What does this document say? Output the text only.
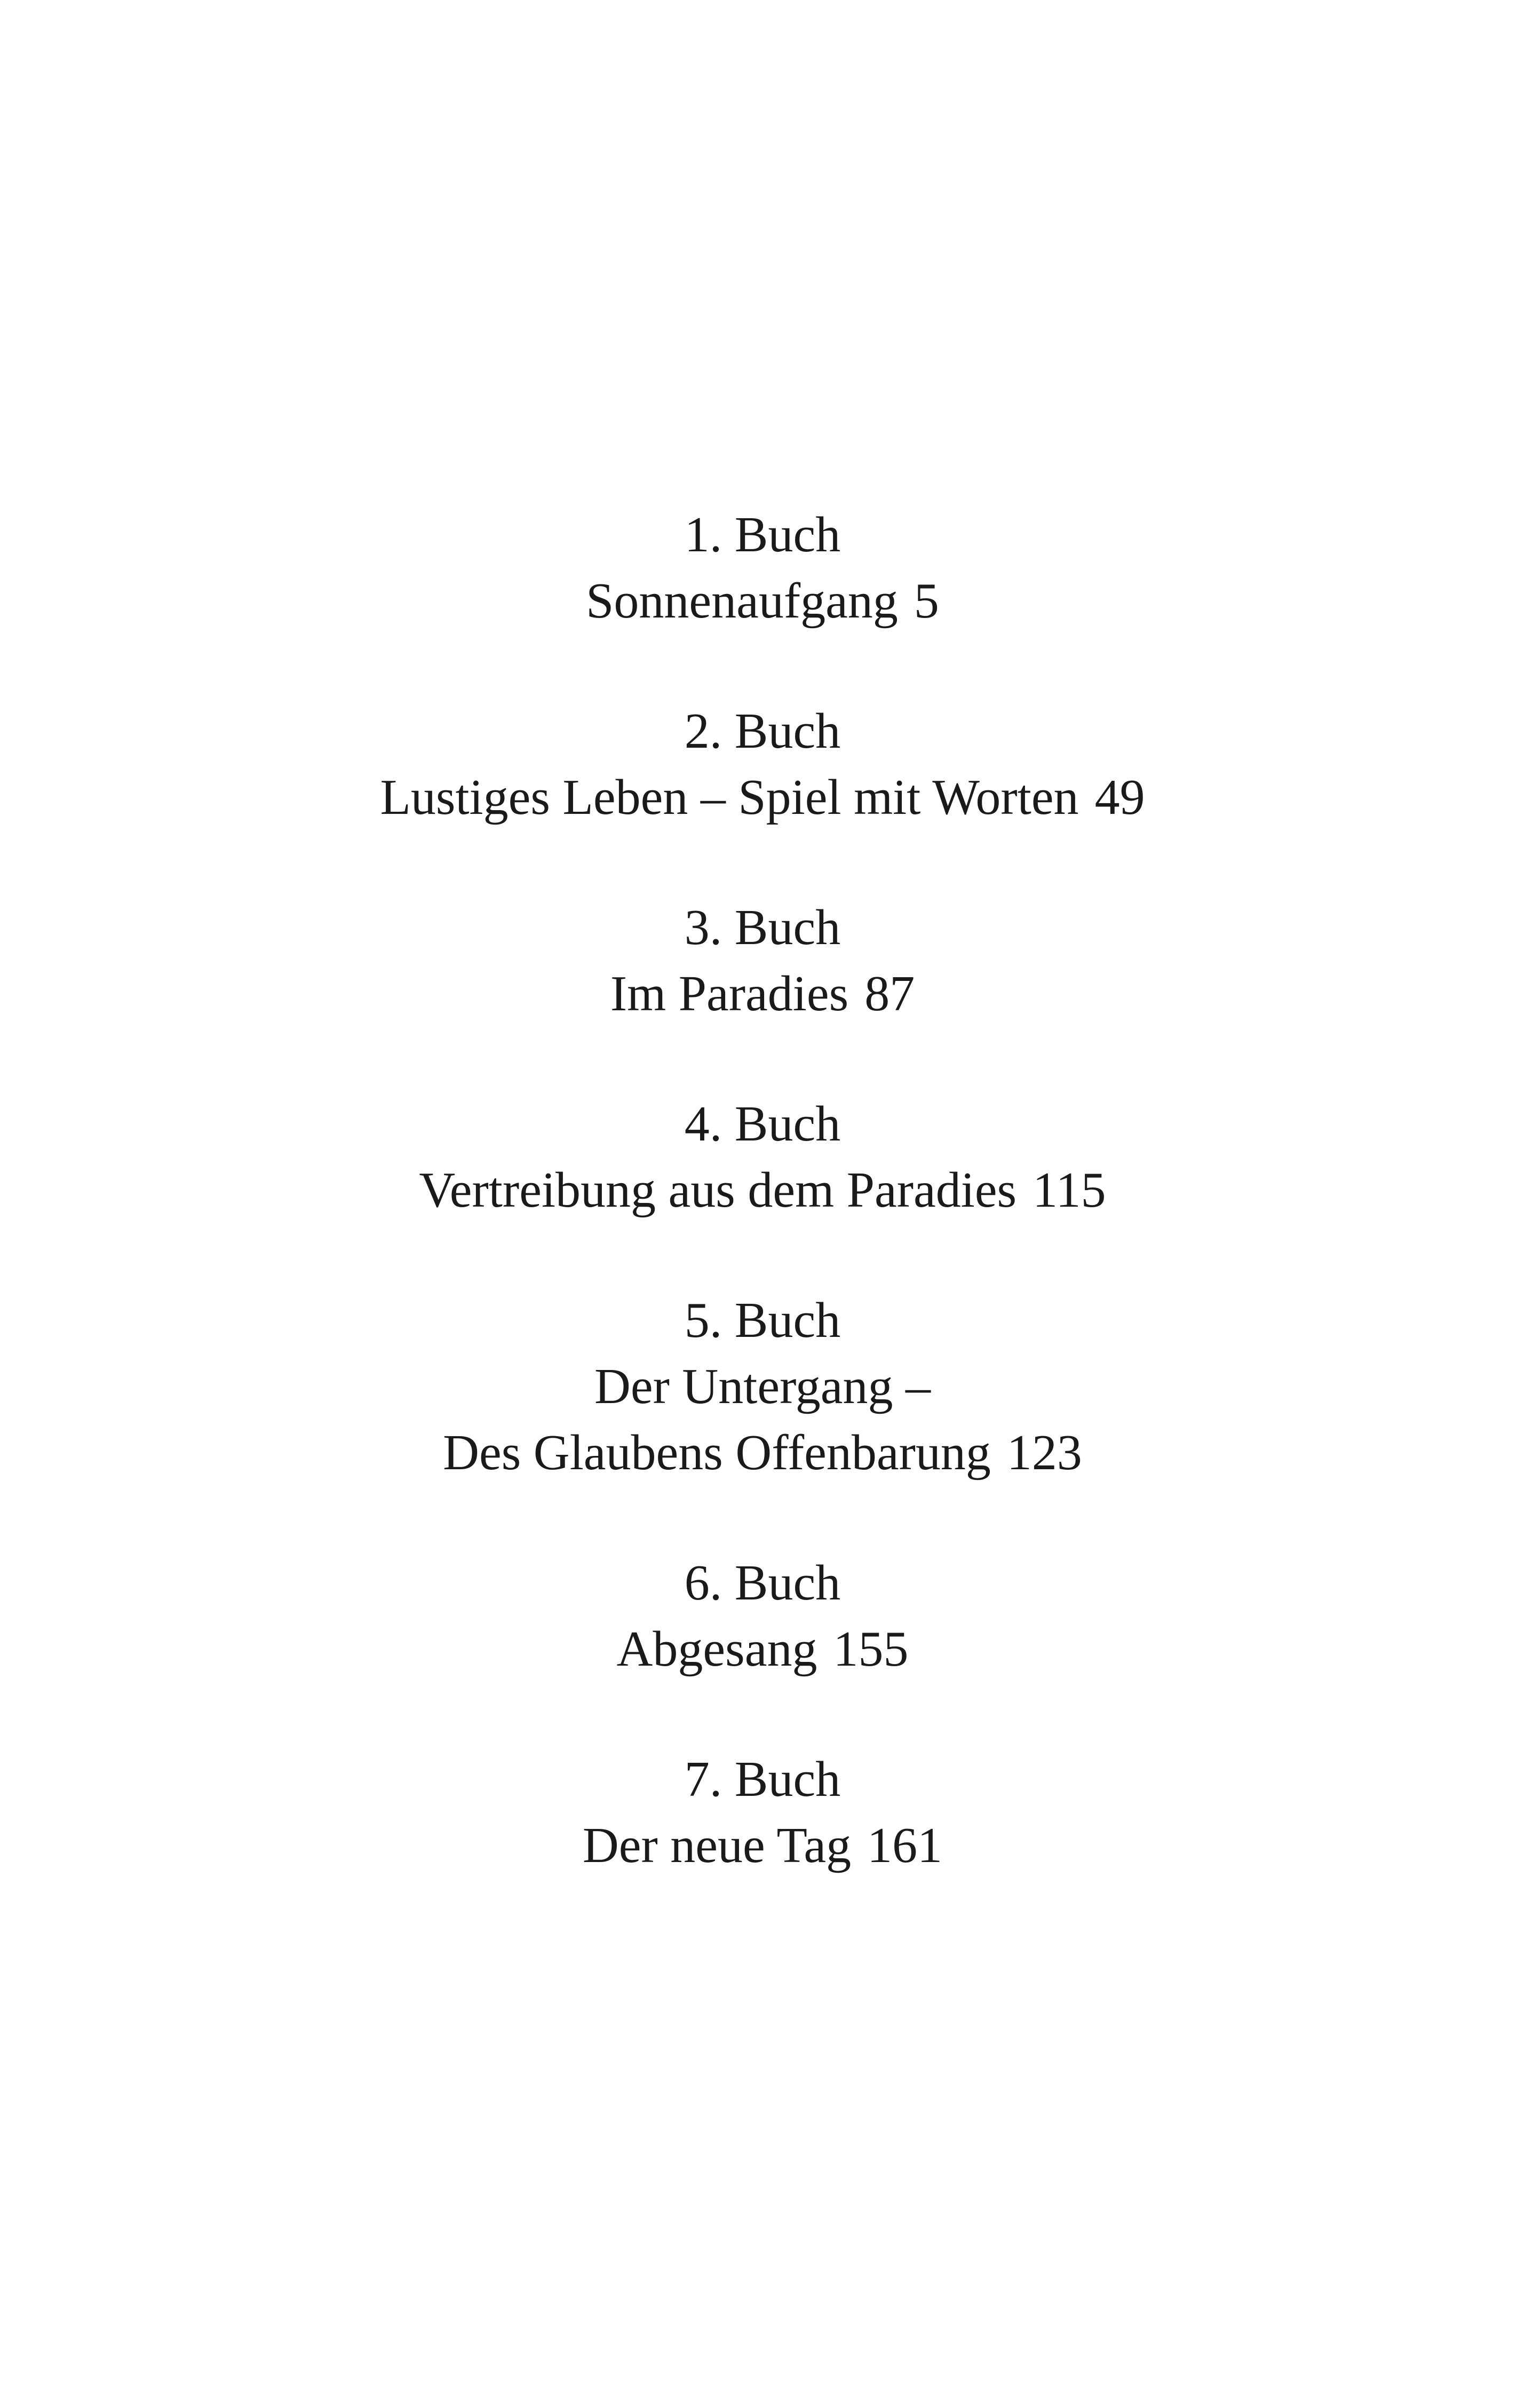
1. Buch
Sonnenaufgang 5
2. Buch
Lustiges Leben – Spiel mit Worten 49
3. Buch
Im Paradies 87
4. Buch
Vertreibung aus dem Paradies 115
5. Buch
Der Untergang –
Des Glaubens Offenbarung 123
6. Buch
Abgesang 155
7. Buch
Der neue Tag 161
